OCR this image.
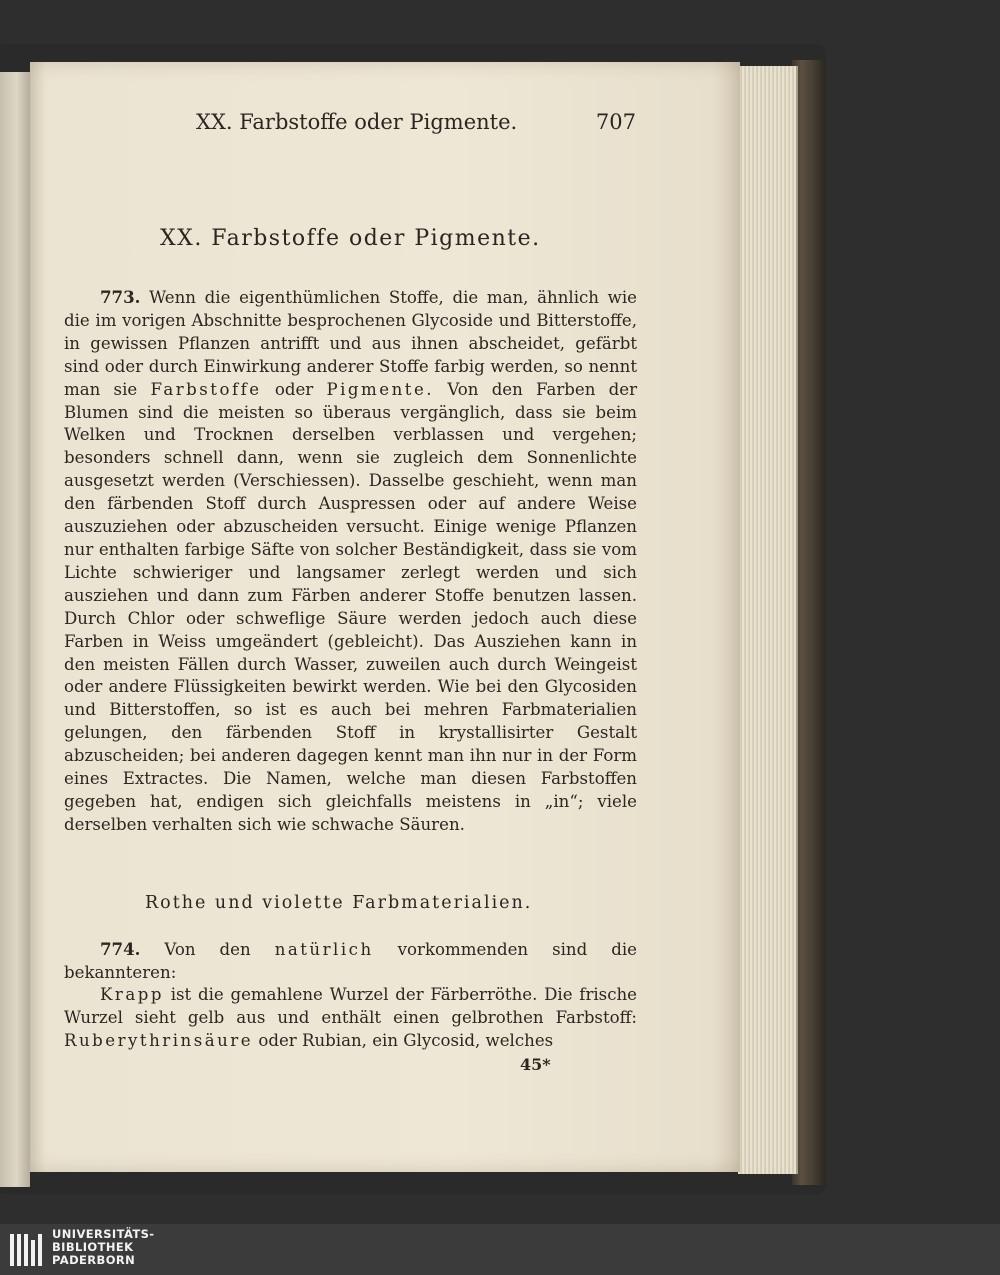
XX. Farbstoffe oder Pigmente.	707
XX. Farbstoffe oder Pigmente.

773. Wenn die eigenthümlichen Stoffe, die man, ähnlich wie die im vorigen Abschnitte besprochenen Glycoside und Bitterstoffe, in gewissen Pflanzen antrifft und aus ihnen abscheidet, gefärbt sind oder durch Einwirkung anderer Stoffe farbig werden, so nennt man sie Farbstoffe oder Pigmente. Von den Farben der Blumen sind die meisten so überaus vergänglich, dass sie beim Welken und Trocknen derselben verblassen und vergehen; besonders schnell dann, wenn sie zugleich dem Sonnenlichte ausgesetzt werden (Verschiessen). Dasselbe geschieht, wenn man den färbenden Stoff durch Auspressen oder auf andere Weise auszuziehen oder abzuscheiden versucht. Einige wenige Pflanzen nur enthalten farbige Säfte von solcher Beständigkeit, dass sie vom Lichte schwieriger und langsamer zerlegt werden und sich ausziehen und dann zum Färben anderer Stoffe benutzen lassen. Durch Chlor oder schweflige Säure werden jedoch auch diese Farben in Weiss umgeändert (gebleicht). Das Ausziehen kann in den meisten Fällen durch Wasser, zuweilen auch durch Weingeist oder andere Flüssigkeiten bewirkt werden. Wie bei den Glycosiden und Bitterstoffen, so ist es auch bei mehren Farbmaterialien gelungen, den färbenden Stoff in krystallisirter Gestalt abzuscheiden; bei anderen dagegen kennt man ihn nur in der Form eines Extractes. Die Namen, welche man diesen Farbstoffen gegeben hat, endigen sich gleichfalls meistens in „in“; viele derselben verhalten sich wie schwache Säuren.

Rothe und violette Farbmaterialien.

774. Von den natürlich vorkommenden sind die bekannteren:

Krapp ist die gemahlene Wurzel der Färberröthe. Die frische Wurzel sieht gelb aus und enthält einen gelbrothen Farbstoff: Ruberythrinsäure oder Rubian, ein Glycosid, welches

45*
UNIVERSITÄTS-
BIBLIOTHEK
PADERBORN
